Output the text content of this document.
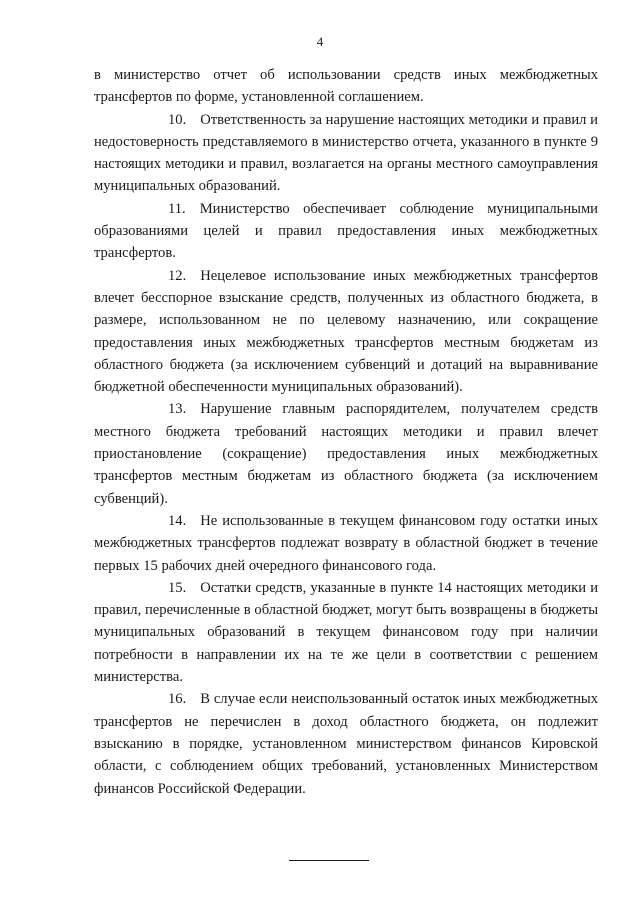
4

в министерство отчет об использовании средств иных межбюджетных трансфертов по форме, установленной соглашением.

10. Ответственность за нарушение настоящих методики и правил и недостоверность представляемого в министерство отчета, указанного в пункте 9 настоящих методики и правил, возлагается на органы местного самоуправления муниципальных образований.

11. Министерство обеспечивает соблюдение муниципальными образованиями целей и правил предоставления иных межбюджетных трансфертов.

12. Нецелевое использование иных межбюджетных трансфертов влечет бесспорное взыскание средств, полученных из областного бюджета, в размере, использованном не по целевому назначению, или сокращение предоставления иных межбюджетных трансфертов местным бюджетам из областного бюджета (за исключением субвенций и дотаций на выравнивание бюджетной обеспеченности муниципальных образований).

13. Нарушение главным распорядителем, получателем средств местного бюджета требований настоящих методики и правил влечет приостановление (сокращение) предоставления иных межбюджетных трансфертов местным бюджетам из областного бюджета (за исключением субвенций).

14. Не использованные в текущем финансовом году остатки иных межбюджетных трансфертов подлежат возврату в областной бюджет в течение первых 15 рабочих дней очередного финансового года.

15. Остатки средств, указанные в пункте 14 настоящих методики и правил, перечисленные в областной бюджет, могут быть возвращены в бюджеты муниципальных образований в текущем финансовом году при наличии потребности в направлении их на те же цели в соответствии с решением министерства.

16. В случае если неиспользованный остаток иных межбюджетных трансфертов не перечислен в доход областного бюджета, он подлежит взысканию в порядке, установленном министерством финансов Кировской области, с соблюдением общих требований, установленных Министерством финансов Российской Федерации.
